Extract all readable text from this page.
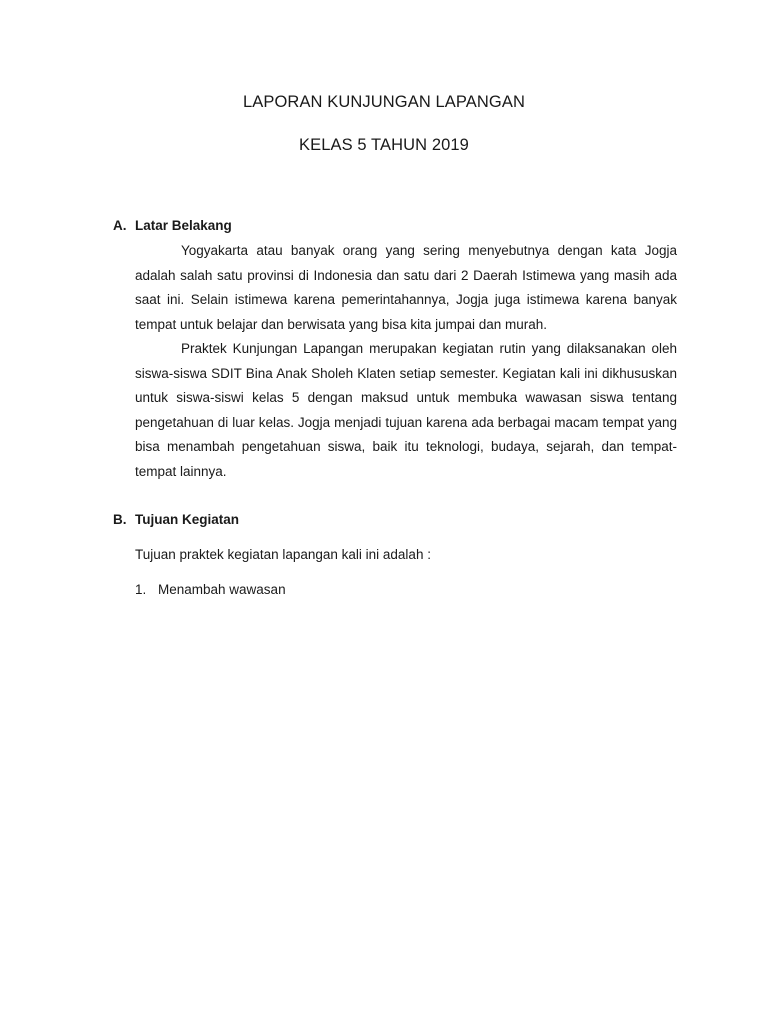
LAPORAN KUNJUNGAN LAPANGAN
KELAS 5 TAHUN 2019
A. Latar Belakang

Yogyakarta atau banyak orang yang sering menyebutnya dengan kata Jogja adalah salah satu provinsi di Indonesia dan satu dari 2 Daerah Istimewa yang masih ada saat ini. Selain istimewa karena pemerintahannya, Jogja juga istimewa karena banyak tempat untuk belajar dan berwisata yang bisa kita jumpai dan murah.

Praktek Kunjungan Lapangan merupakan kegiatan rutin yang dilaksanakan oleh siswa-siswa SDIT Bina Anak Sholeh Klaten setiap semester. Kegiatan kali ini dikhususkan untuk siswa-siswi kelas 5 dengan maksud untuk membuka wawasan siswa tentang pengetahuan di luar kelas. Jogja menjadi tujuan karena ada berbagai macam tempat yang bisa menambah pengetahuan siswa, baik itu teknologi, budaya, sejarah, dan tempat-tempat lainnya.

B. Tujuan Kegiatan

Tujuan praktek kegiatan lapangan kali ini adalah :

1. Menambah wawasan
